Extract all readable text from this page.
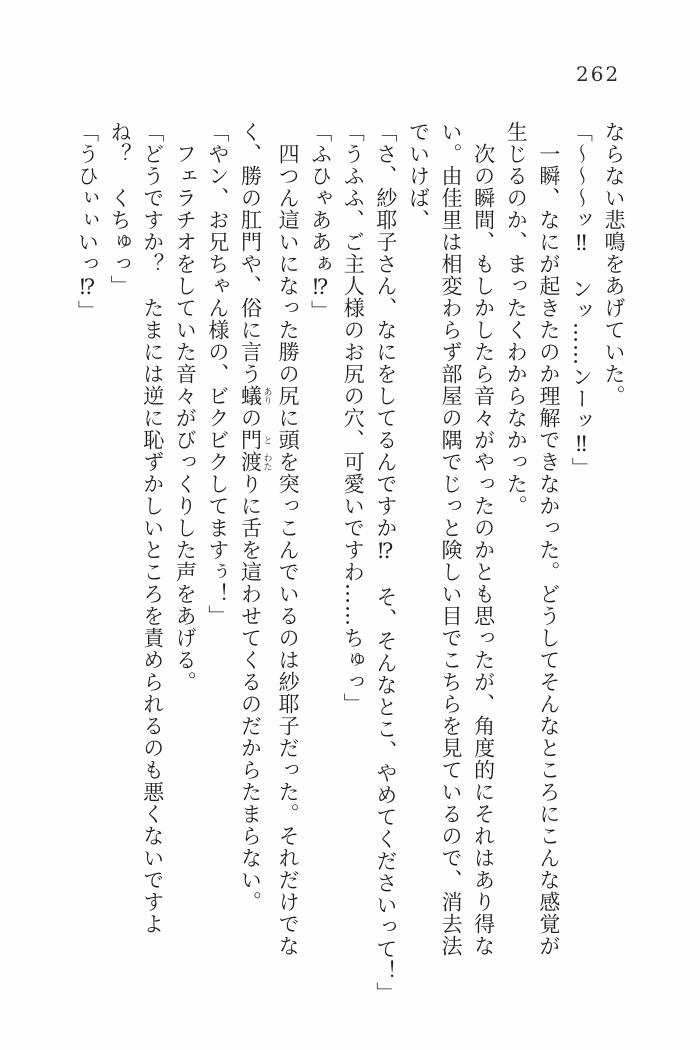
262
ならない悲鳴をあげていた。
「〜〜〜ッ‼　ンッ……ンーッ‼」
一瞬、なにが起きたのか理解できなかった。どうしてそんなところにこんな感覚が
生じるのか、まったくわからなかった。
次の瞬間、もしかしたら音々がやったのかとも思ったが、角度的にそれはあり得な
い。由佳里は相変わらず部屋の隅でじっと険しい目でこちらを見ているので、消去法
でいけば、
「さ、紗耶子さん、なにをしてるんですか⁉　そ、そんなとこ、やめてくださいって！」
「うふふ、ご主人様のお尻の穴、可愛いですわ……ちゅっ」
「ふひゃああぁ⁉」
四つん這いになった勝の尻に頭を突っこんでいるのは紗耶子だった。それだけでな
く、勝の肛門や、俗に言う蟻 ありの門 と渡 わたりに舌を這わせてくるのだからたまらない。
「やン、お兄ちゃん様の、ビクビクしてますぅ！」
フェラチオをしていた音々がびっくりした声をあげる。
「どうですか？　たまには逆に恥ずかしいところを責められるのも悪くないですよ
ね？　くちゅっ」
「うひぃぃいっ⁉」
